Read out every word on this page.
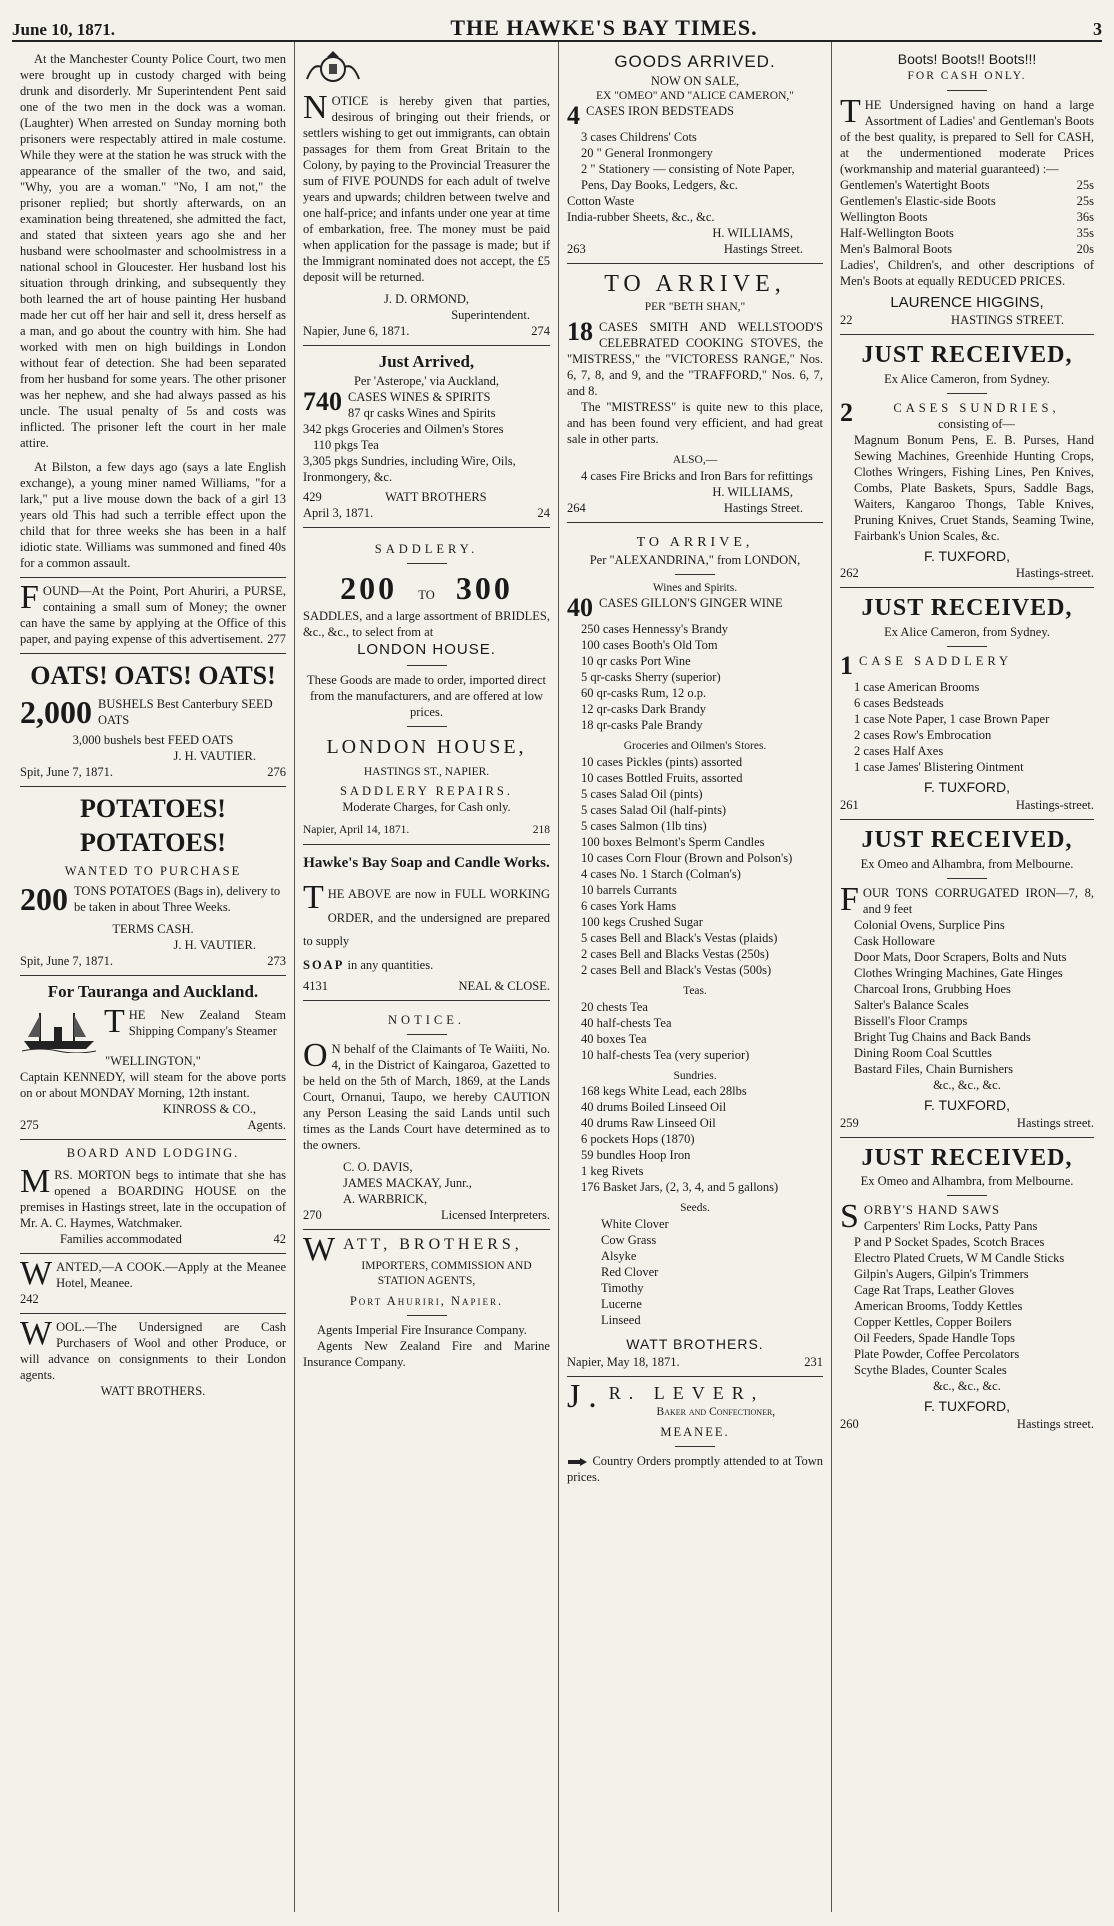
June 10, 1871.	THE HAWKE'S BAY TIMES.	3

At the Manchester County Police Court, two men were brought up in custody charged with being drunk and disorderly. Mr Superintendent Pent said one of the two men in the dock was a woman. (Laughter) When arrested on Sunday morning both prisoners were respectably attired in male costume. While they were at the station he was struck with the appearance of the smaller of the two, and said, "Why, you are a woman." "No, I am not," the prisoner replied; but shortly afterwards, on an examination being threatened, she admitted the fact, and stated that sixteen years ago she and her husband were schoolmaster and schoolmistress in a national school in Gloucester. Her husband lost his situation through drinking, and subsequently they both learned the art of house painting Her husband made her cut off her hair and sell it, dress herself as a man, and go about the country with him. She had worked with men on high buildings in London without fear of detection. She had been separated from her husband for some years. The other prisoner was her nephew, and she had always passed as his uncle. The usual penalty of 5s and costs was inflicted. The prisoner left the court in her male attire.

At Bilston, a few days ago (says a late English exchange), a young miner named Williams, "for a lark," put a live mouse down the back of a girl 13 years old This had such a terrible effect upon the child that for three weeks she has been in a half idiotic state. Williams was summoned and fined 40s for a common assault.

FOUND—At the Point, Port Ahuriri, a PURSE, containing a small sum of Money; the owner can have the same by applying at the Office of this paper, and paying expense of this advertisement. 277

OATS! OATS! OATS!
2,000 BUSHELS Best Canterbury SEED OATS
3,000 bushels best FEED OATS
J. H. VAUTIER.
Spit, June 7, 1871.	276
POTATOES! POTATOES!
WANTED TO PURCHASE
200 TONS POTATOES (Bags in), delivery to be taken in about Three Weeks.
TERMS CASH.
J. H. VAUTIER.
Spit, June 7, 1871.	273
For Tauranga and Auckland.

THE New Zealand Steam Shipping Company's Steamer

"WELLINGTON,"

Captain KENNEDY, will steam for the above ports on or about MONDAY Morning, 12th instant.

KINROSS & CO.,
275	Agents.
BOARD AND LODGING.

MRS. MORTON begs to intimate that she has opened a BOARDING HOUSE on the premises in Hastings street, late in the occupation of Mr. A. C. Haymes, Watchmaker.

Families accommodated	42

WANTED,—A COOK.—Apply at the Meanee Hotel, Meanee.

242

WOOL.—The Undersigned are Cash Purchasers of Wool and other Produce, or will advance on consignments to their London agents.

WATT BROTHERS.

NOTICE is hereby given that parties, desirous of bringing out their friends, or settlers wishing to get out immigrants, can obtain passages for them from Great Britain to the Colony, by paying to the Provincial Treasurer the sum of FIVE POUNDS for each adult of twelve years and upwards; children between twelve and one half-price; and infants under one year at time of embarkation, free. The money must be paid when application for the passage is made; but if the Immigrant nominated does not accept, the £5 deposit will be returned.

J. D. ORMOND,
Superintendent.
Napier, June 6, 1871.	274
Just Arrived,
Per 'Asterope,' via Auckland,
740 CASES WINES & SPIRITS
87 qr casks Wines and Spirits
342 pkgs Groceries and Oilmen's Stores
110 pkgs Tea
3,305 pkgs Sundries, including Wire, Oils, Ironmongery, &c.
429	WATT BROTHERS
April 3, 1871.	24
SADDLERY.
200 TO 300

SADDLES, and a large assortment of BRIDLES, &c., &c., to select from at

LONDON HOUSE.

These Goods are made to order, imported direct from the manufacturers, and are offered at low prices.

LONDON HOUSE,
HASTINGS ST., NAPIER.
SADDLERY REPAIRS.
Moderate Charges, for Cash only.
Napier, April 14, 1871.	218
Hawke's Bay Soap and Candle Works.

THE ABOVE are now in FULL WORKING ORDER, and the undersigned are prepared to supply

SOAP in any quantities.
4131	NEAL & CLOSE.
NOTICE.

O N behalf of the Claimants of Te Waiiti, No. 4, in the District of Kaingaroa, Gazetted to be held on the 5th of March, 1869, at the Lands Court, Ornanui, Taupo, we hereby CAUTION any Person Leasing the said Lands until such times as the Lands Court have determined as to the owners.

C. O. DAVIS,
JAMES MACKAY, Junr.,
A. WARBRICK,
270	Licensed Interpreters.
WATT, BROTHERS,
IMPORTERS, COMMISSION AND STATION AGENTS,
Port Ahuriri, Napier.

Agents Imperial Fire Insurance Company.

Agents New Zealand Fire and Marine Insurance Company.

GOODS ARRIVED.
NOW ON SALE,
EX "OMEO" AND "ALICE CAMERON,"
4 CASES IRON BEDSTEADS
3 cases Childrens' Cots
20 " General Ironmongery
2 " Stationery — consisting of Note Paper, Pens, Day Books, Ledgers, &c.
Cotton Waste
India-rubber Sheets, &c., &c.
H. WILLIAMS,
263	Hastings Street.
TO ARRIVE,
PER "BETH SHAN,"

18 CASES SMITH AND WELLSTOOD'S CELEBRATED COOKING STOVES, the "MISTRESS," the "VICTORESS RANGE," Nos. 6, 7, 8, and 9, and the "TRAFFORD," Nos. 6, 7, and 8.

The "MISTRESS" is quite new to this place, and has been found very efficient, and had great sale in other parts.

ALSO,—

4 cases Fire Bricks and Iron Bars for refittings

H. WILLIAMS,
264	Hastings Street.
TO ARRIVE,
Per "ALEXANDRINA," from LONDON,
Wines and Spirits.
40 CASES GILLON'S GINGER WINE
250 cases Hennessy's Brandy
100 cases Booth's Old Tom
10 qr casks Port Wine
5 qr-casks Sherry (superior)
60 qr-casks Rum, 12 o.p.
12 qr-casks Dark Brandy
18 qr-casks Pale Brandy
Groceries and Oilmen's Stores.
10 cases Pickles (pints) assorted
10 cases Bottled Fruits, assorted
5 cases Salad Oil (pints)
5 cases Salad Oil (half-pints)
5 cases Salmon (1lb tins)
100 boxes Belmont's Sperm Candles
10 cases Corn Flour (Brown and Polson's)
4 cases No. 1 Starch (Colman's)
10 barrels Currants
6 cases York Hams
100 kegs Crushed Sugar
5 cases Bell and Black's Vestas (plaids)
2 cases Bell and Blacks Vestas (250s)
2 cases Bell and Black's Vestas (500s)
Teas.
20 chests Tea
40 half-chests Tea
40 boxes Tea
10 half-chests Tea (very superior)
Sundries.
168 kegs White Lead, each 28lbs
40 drums Boiled Linseed Oil
40 drums Raw Linseed Oil
6 pockets Hops (1870)
59 bundles Hoop Iron
1 keg Rivets
176 Basket Jars, (2, 3, 4, and 5 gallons)
Seeds.
White Clover
Cow Grass
Alsyke
Red Clover
Timothy
Lucerne
Linseed
WATT BROTHERS.
Napier, May 18, 1871.	231
J. R. LEVER,
Baker and Confectioner,
MEANEE.

Country Orders promptly attended to at Town prices.

Boots! Boots!! Boots!!!
FOR CASH ONLY.

THE Undersigned having on hand a large Assortment of Ladies' and Gentleman's Boots of the best quality, is prepared to Sell for CASH, at the undermentioned moderate Prices (workmanship and material guaranteed) :—

Gentlemen's Watertight Boots	25s
Gentlemen's Elastic-side Boots	25s
Wellington Boots	36s
Half-Wellington Boots	35s
Men's Balmoral Boots	20s

Ladies', Children's, and other descriptions of Men's Boots at equally REDUCED PRICES.

LAURENCE HIGGINS,
22	HASTINGS STREET.
JUST RECEIVED,
Ex Alice Cameron, from Sydney.
2	CASES SUNDRIES,
consisting of—

Magnum Bonum Pens, E. B. Purses, Hand Sewing Machines, Greenhide Hunting Crops, Clothes Wringers, Fishing Lines, Pen Knives, Combs, Plate Baskets, Spurs, Saddle Bags, Waiters, Kangaroo Thongs, Table Knives, Pruning Knives, Cruet Stands, Seaming Twine, Fairbank's Union Scales, &c.

F. TUXFORD,
262	Hastings-street.
JUST RECEIVED,
Ex Alice Cameron, from Sydney.
1 CASE SADDLERY
1 case American Brooms
6 cases Bedsteads
1 case Note Paper, 1 case Brown Paper
2 cases Row's Embrocation
2 cases Half Axes
1 case James' Blistering Ointment
F. TUXFORD,
261	Hastings-street.
JUST RECEIVED,
Ex Omeo and Alhambra, from Melbourne.

FOUR TONS CORRUGATED IRON—7, 8, and 9 feet

Colonial Ovens, Surplice Pins
Cask Holloware
Door Mats, Door Scrapers, Bolts and Nuts
Clothes Wringing Machines, Gate Hinges
Charcoal Irons, Grubbing Hoes
Salter's Balance Scales
Bissell's Floor Cramps
Bright Tug Chains and Back Bands
Dining Room Coal Scuttles
Bastard Files, Chain Burnishers
&c., &c., &c.
F. TUXFORD,
259	Hastings street.
JUST RECEIVED,
Ex Omeo and Alhambra, from Melbourne.

SORBY'S HAND SAWS

Carpenters' Rim Locks, Patty Pans
P and P Socket Spades, Scotch Braces
Electro Plated Cruets, W M Candle Sticks
Gilpin's Augers, Gilpin's Trimmers
Cage Rat Traps, Leather Gloves
American Brooms, Toddy Kettles
Copper Kettles, Copper Boilers
Oil Feeders, Spade Handle Tops
Plate Powder, Coffee Percolators
Scythe Blades, Counter Scales
&c., &c., &c.
F. TUXFORD,
260	Hastings street.
